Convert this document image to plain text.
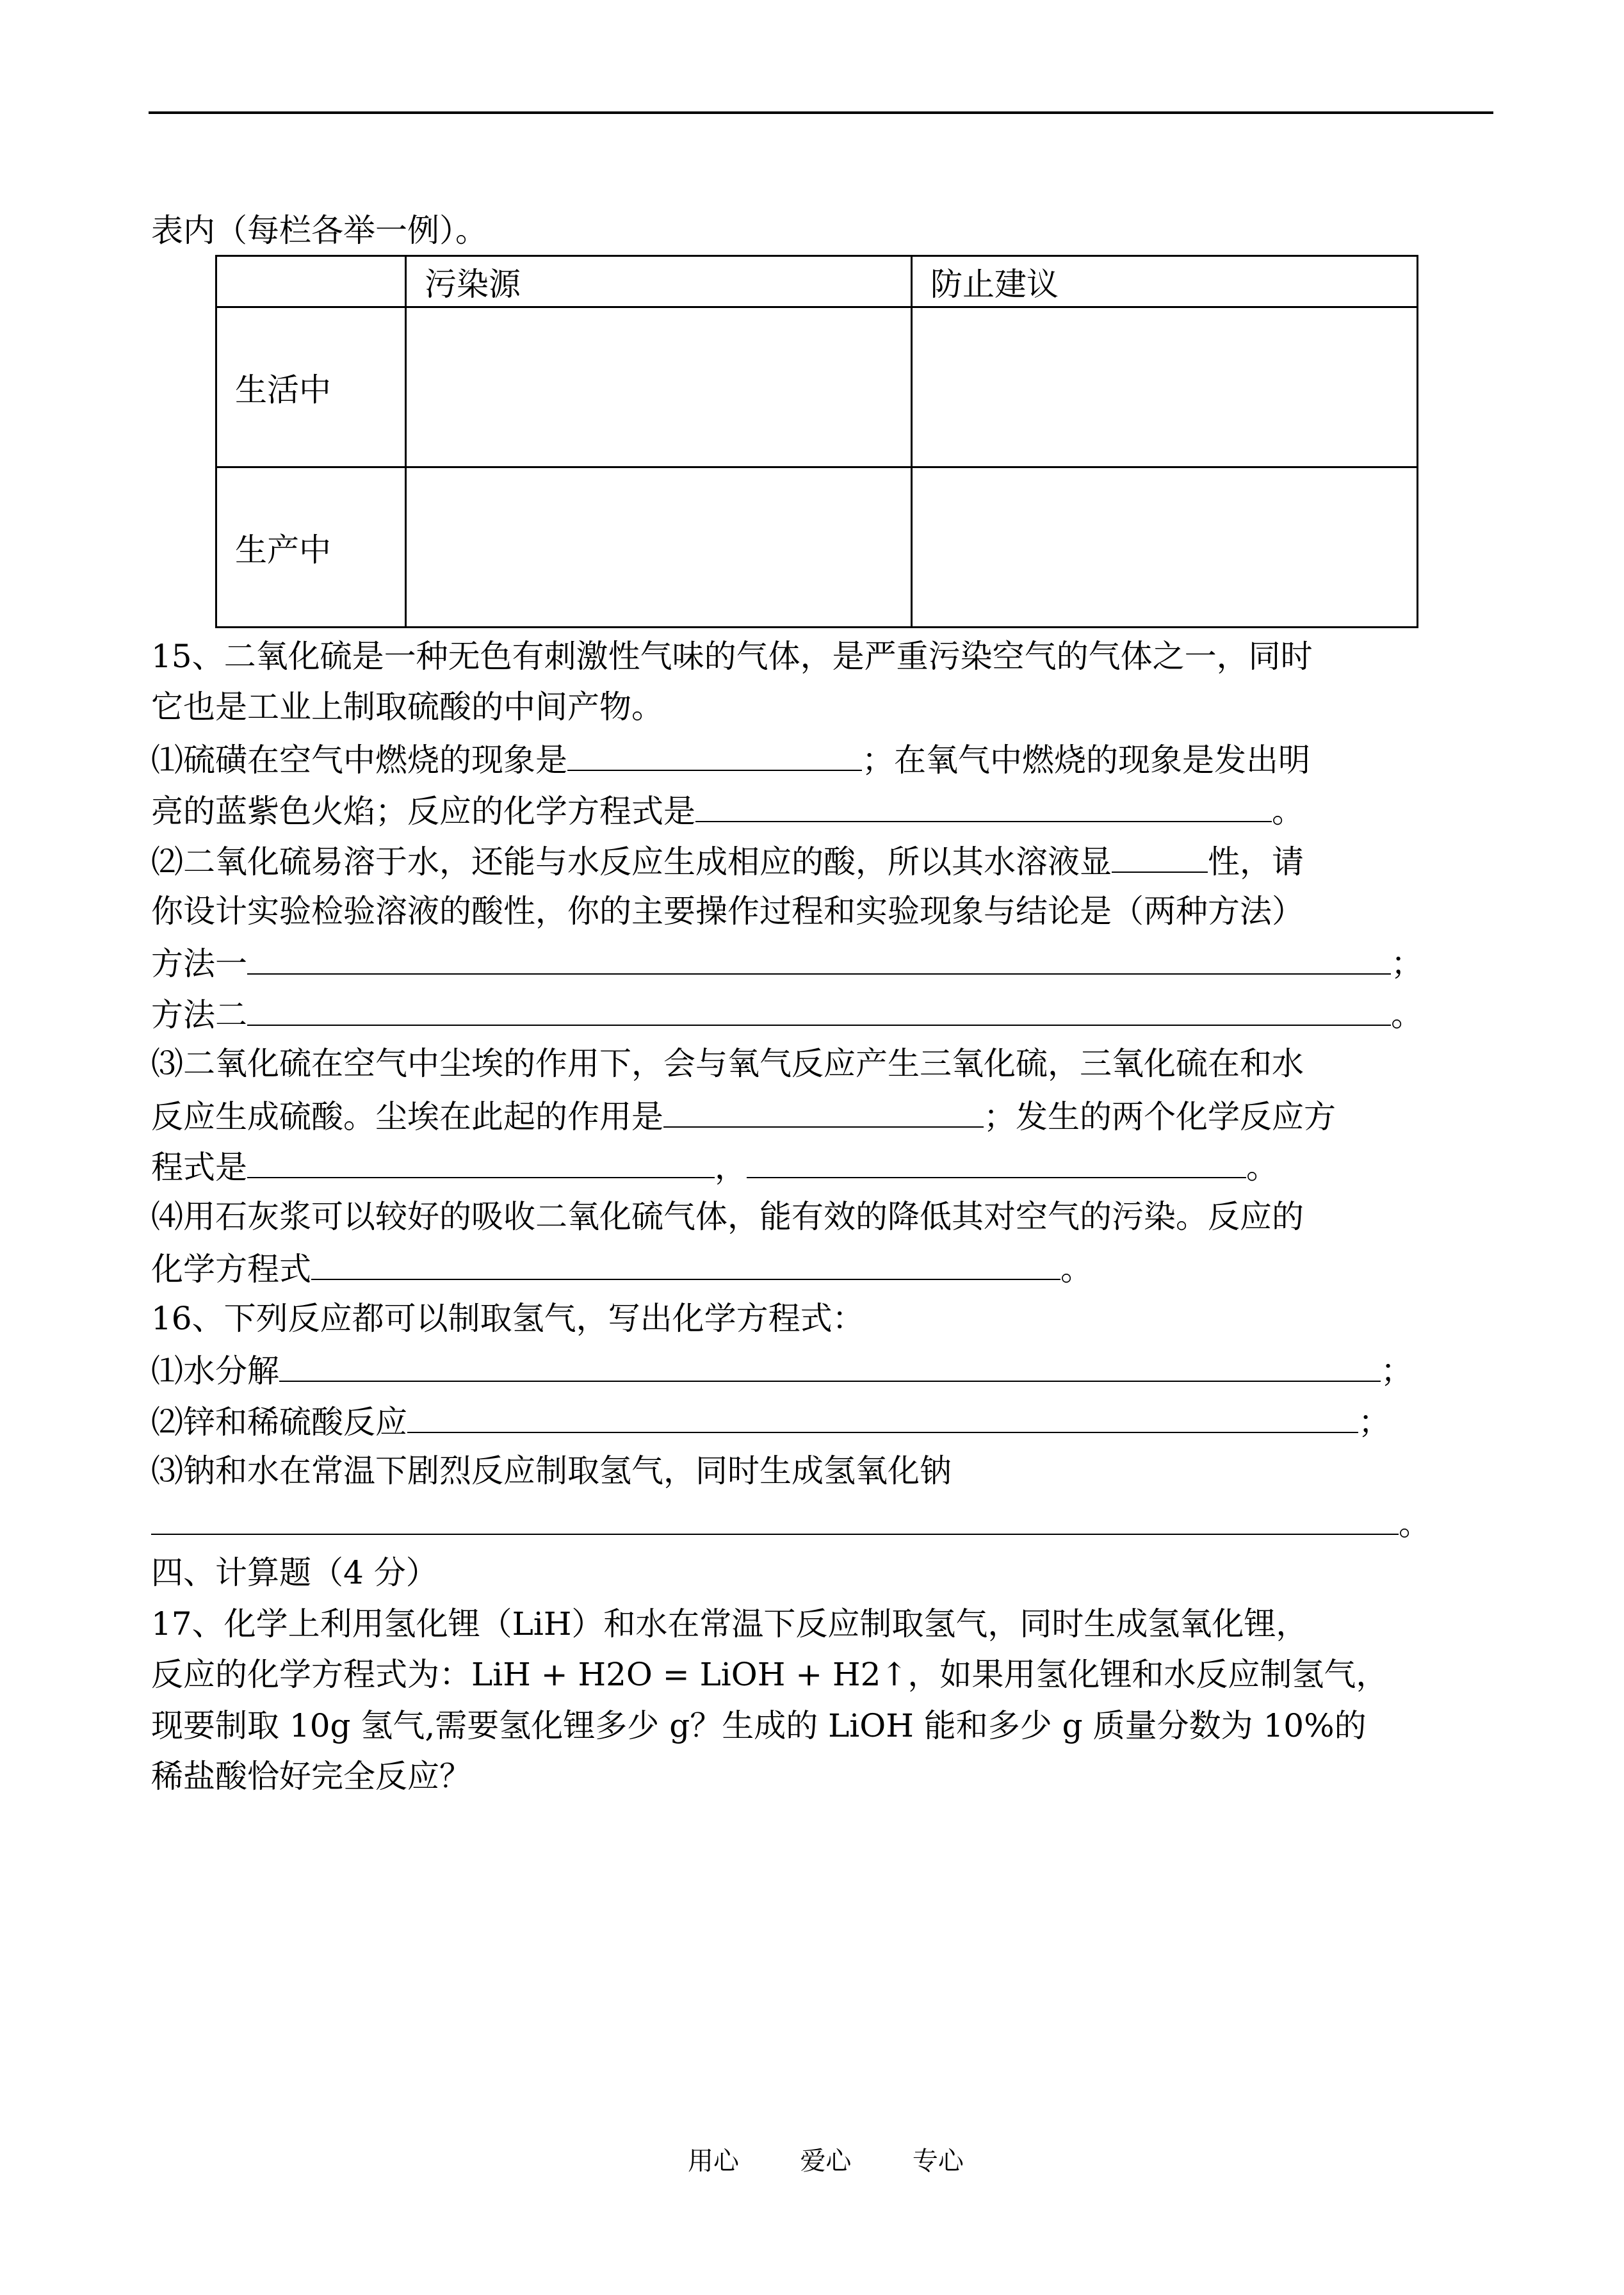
表内（每栏各举一例）。
	污染源	防止建议
生活中		
生产中		
15、二氧化硫是一种无色有刺激性气味的气体，是严重污染空气的气体之一，同时
它也是工业上制取硫酸的中间产物。
⑴硫磺在空气中燃烧的现象是	；在氧气中燃烧的现象是发出明
亮的蓝紫色火焰；反应的化学方程式是	。
⑵二氧化硫易溶于水，还能与水反应生成相应的酸，所以其水溶液显	性，请
你设计实验检验溶液的酸性，你的主要操作过程和实验现象与结论是（两种方法）
方法一	；
方法二	。
⑶二氧化硫在空气中尘埃的作用下，会与氧气反应产生三氧化硫，三氧化硫在和水
反应生成硫酸。尘埃在此起的作用是	；发生的两个化学反应方
程式是	，	。
⑷用石灰浆可以较好的吸收二氧化硫气体，能有效的降低其对空气的污染。反应的
化学方程式	。
16、下列反应都可以制取氢气，写出化学方程式：
⑴水分解	；
⑵锌和稀硫酸反应	；
⑶钠和水在常温下剧烈反应制取氢气，同时生成氢氧化钠
。
四、计算题（4 分）
17、化学上利用氢化锂（LiH）和水在常温下反应制取氢气，同时生成氢氧化锂，
反应的化学方程式为：LiH + H2O = LiOH + H2↑，如果用氢化锂和水反应制氢气，
现要制取 10g 氢气,需要氢化锂多少 g？生成的 LiOH 能和多少 g 质量分数为 10%的
稀盐酸恰好完全反应？
用心 爱心 专心
